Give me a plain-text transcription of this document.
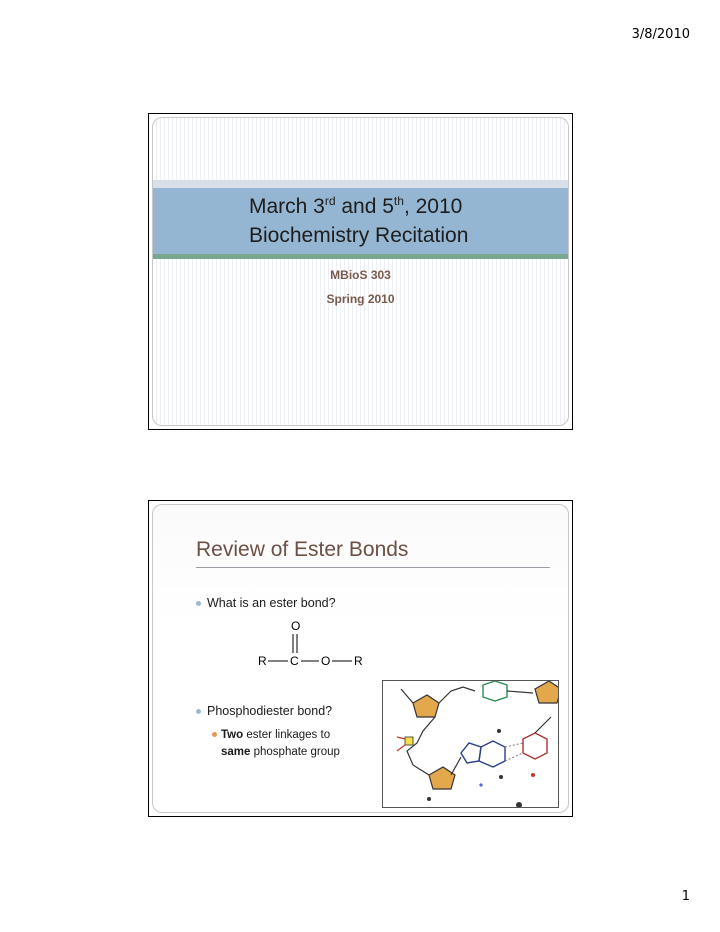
3/8/2010
March 3rd and 5th, 2010
Biochemistry Recitation
MBioS 303
Spring 2010
Review of Ester Bonds
What is an ester bond?
O
R C O R
Phosphodiester bond?
Two ester linkages to
same phosphate group
1
